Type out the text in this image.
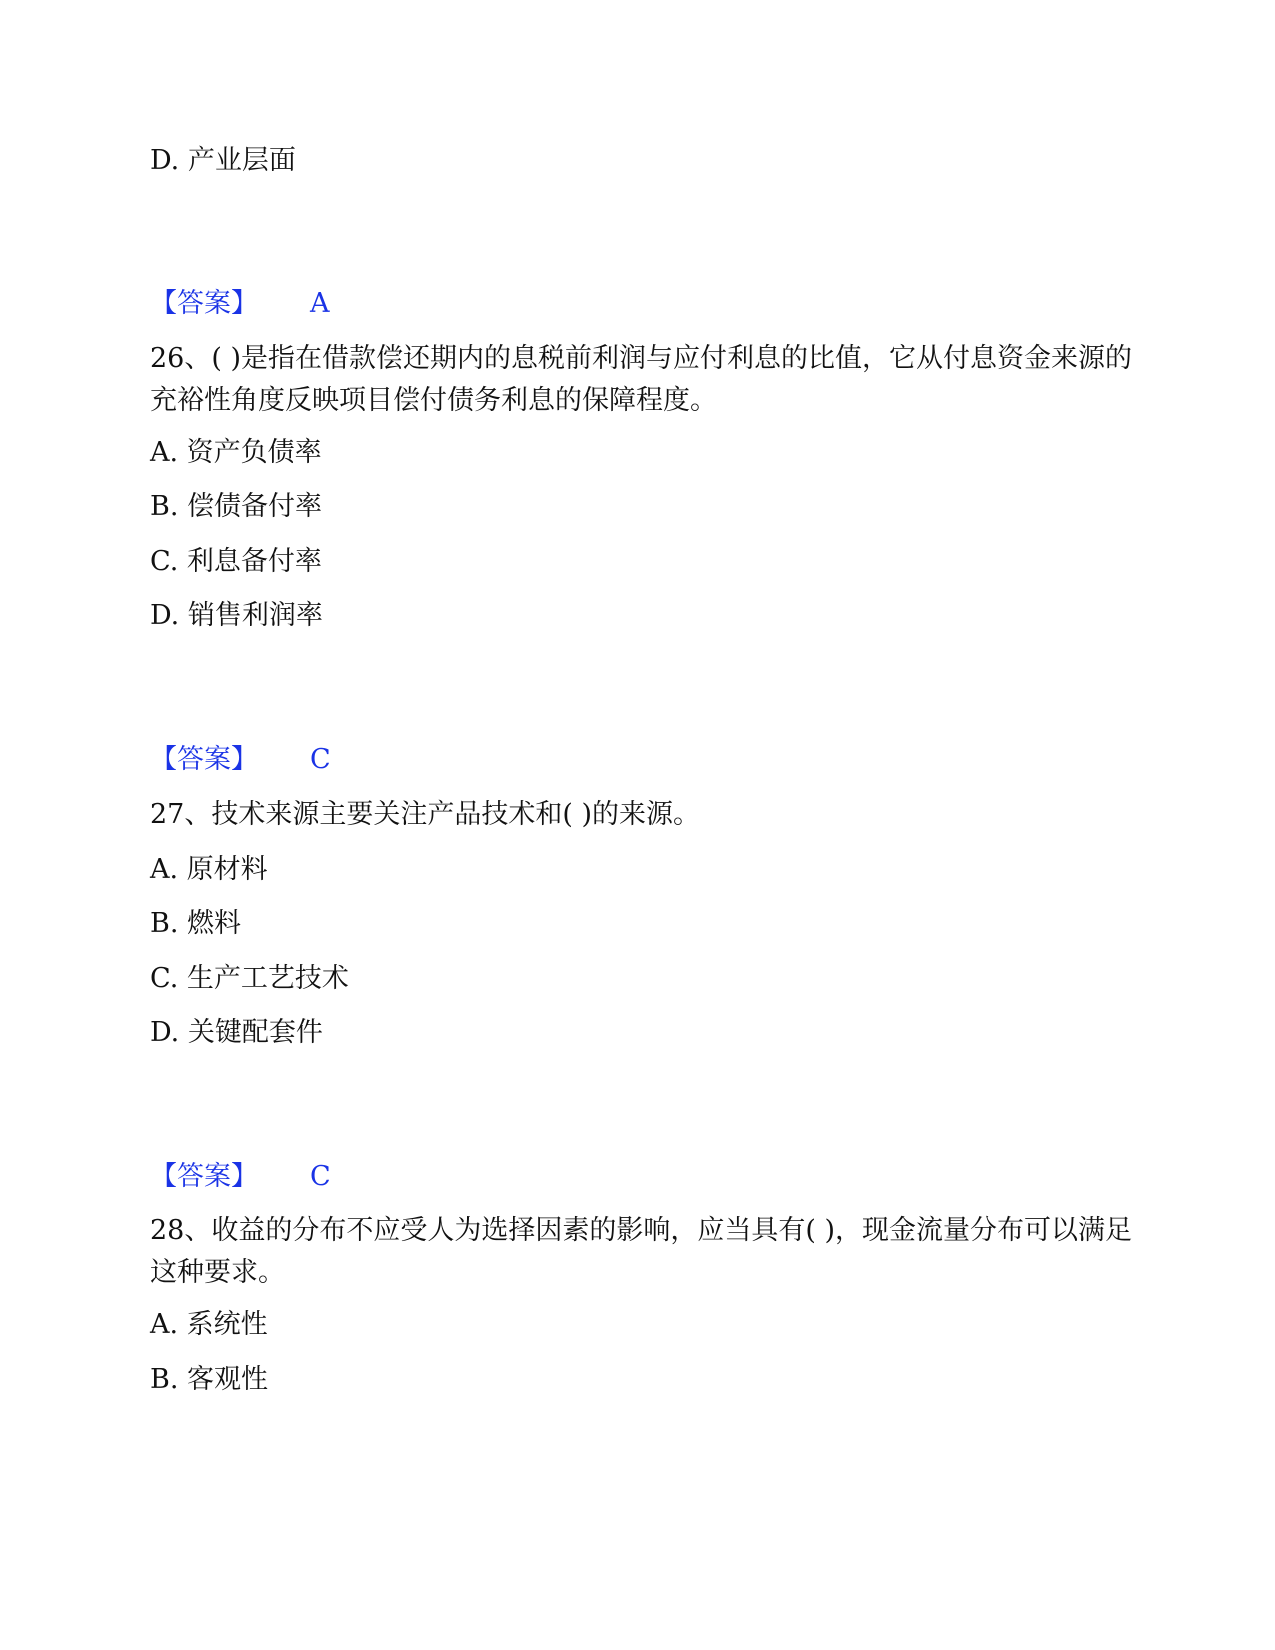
D. 产业层面

【答案】 A

26、( )是指在借款偿还期内的息税前利润与应付利息的比值，它从付息资金来源的充裕性角度反映项目偿付债务利息的保障程度。

A. 资产负债率

B. 偿债备付率

C. 利息备付率

D. 销售利润率

【答案】 C

27、技术来源主要关注产品技术和( )的来源。

A. 原材料

B. 燃料

C. 生产工艺技术

D. 关键配套件

【答案】 C

28、收益的分布不应受人为选择因素的影响，应当具有( )，现金流量分布可以满足这种要求。

A. 系统性

B. 客观性
